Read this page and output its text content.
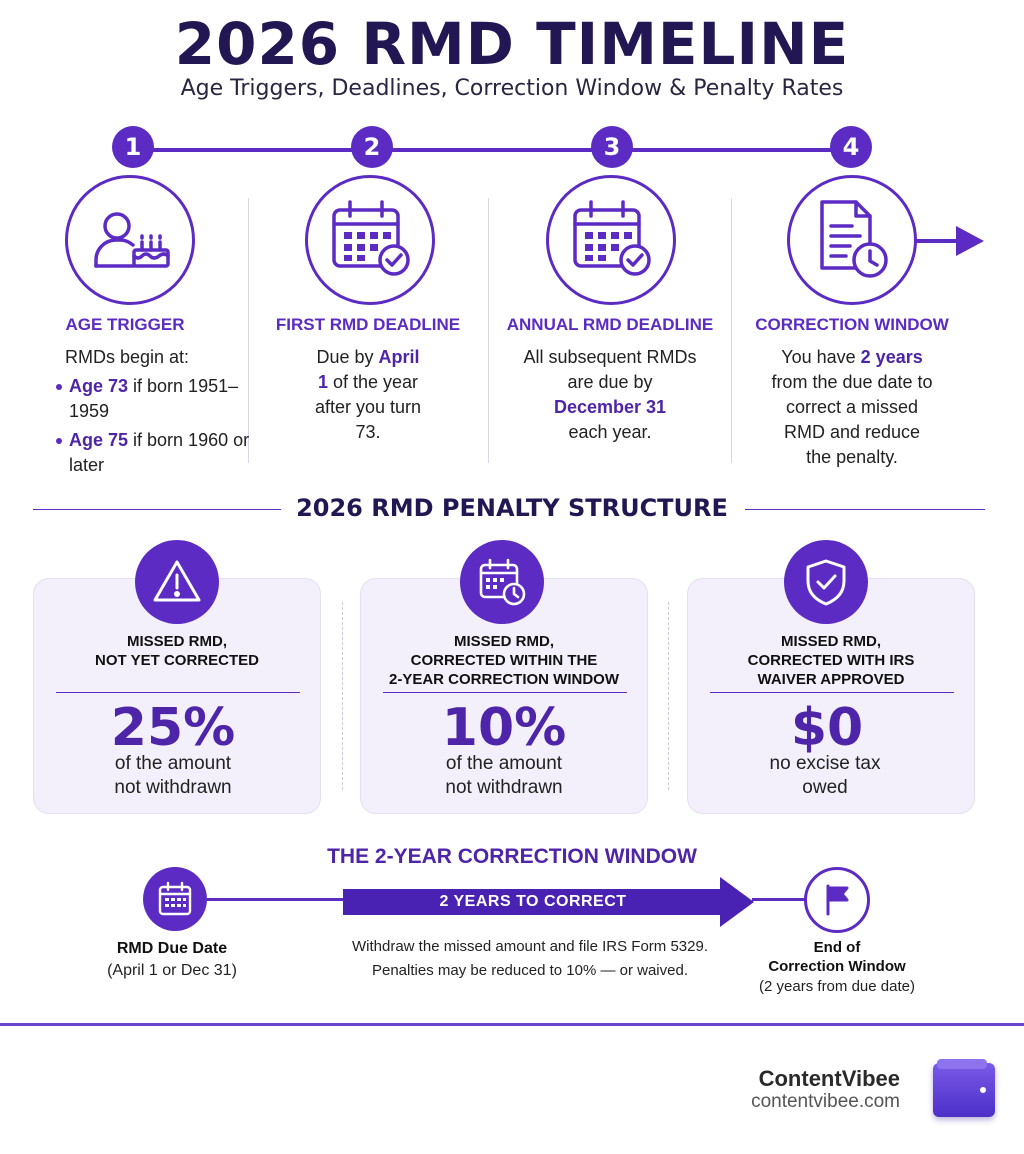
2026 RMD TIMELINE
Age Triggers, Deadlines, Correction Window & Penalty Rates
1	2	3	4
AGE TRIGGER	FIRST RMD DEADLINE	ANNUAL RMD DEADLINE	CORRECTION WINDOW
RMDs begin at:
Age 73 if born 1951–1959
Age 75 if born 1960 or later
Due by April 1 of the year after you turn 73.
All subsequent RMDs are due by
December 31
each year.
You have 2 years from the due date to correct a missed RMD and reduce the penalty.
2026 RMD PENALTY STRUCTURE
MISSED RMD,
NOT YET CORRECTED
MISSED RMD,
CORRECTED WITHIN THE
2-YEAR CORRECTION WINDOW
MISSED RMD,
CORRECTED WITH IRS
WAIVER APPROVED
25%	10%	$0
of the amount
not withdrawn
of the amount
not withdrawn
no excise tax
owed
THE 2-YEAR CORRECTION WINDOW
2 YEARS TO CORRECT
RMD Due Date
(April 1 or Dec 31)
Withdraw the missed amount and file IRS Form 5329.
Penalties may be reduced to 10% — or waived.
End of
Correction Window
(2 years from due date)
ContentVibee
contentvibee.com
